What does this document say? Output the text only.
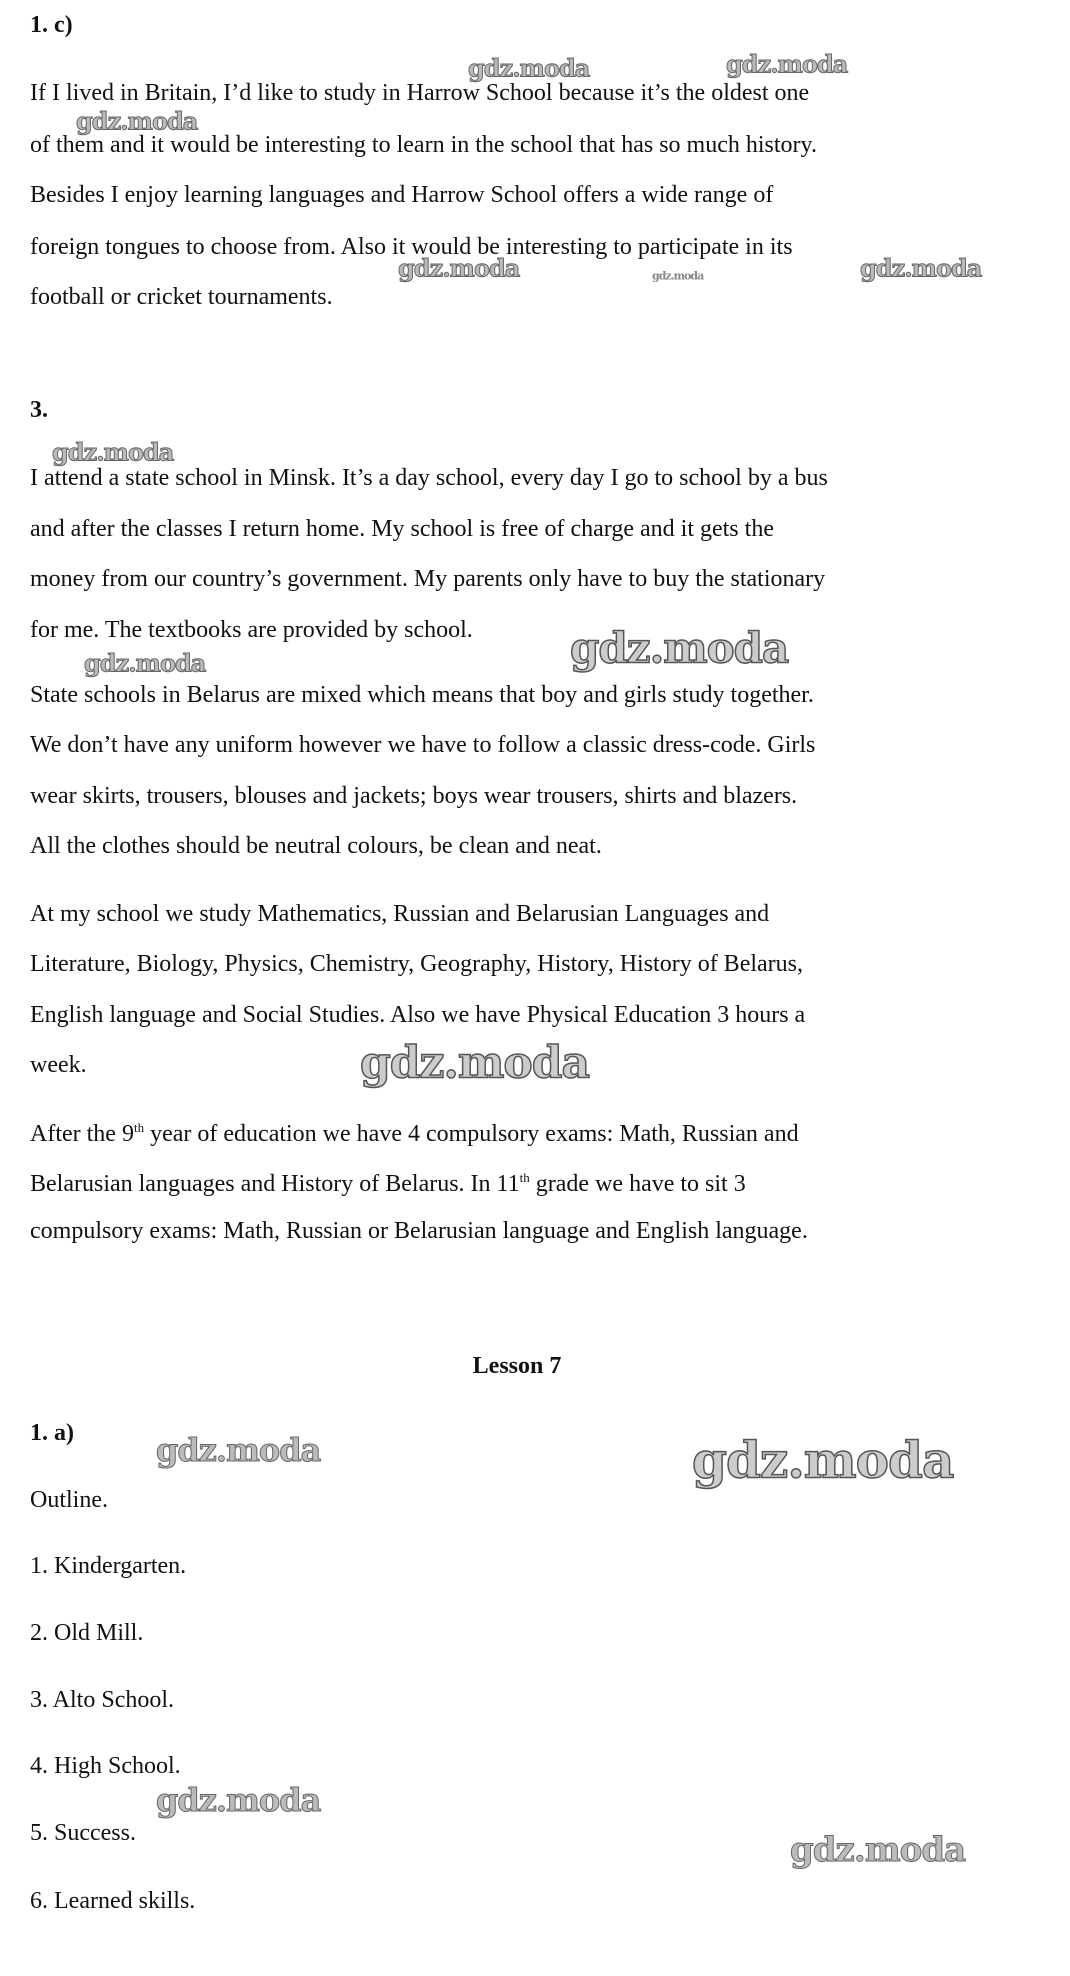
1. c)
If I lived in Britain, I’d like to study in Harrow School because it’s the oldest one
of them and it would be interesting to learn in the school that has so much history.
Besides I enjoy learning languages and Harrow School offers a wide range of
foreign tongues to choose from. Also it would be interesting to participate in its
football or cricket tournaments.
3.
I attend a state school in Minsk. It’s a day school, every day I go to school by a bus
and after the classes I return home. My school is free of charge and it gets the
money from our country’s government. My parents only have to buy the stationary
for me. The textbooks are provided by school.
State schools in Belarus are mixed which means that boy and girls study together.
We don’t have any uniform however we have to follow a classic dress-code. Girls
wear skirts, trousers, blouses and jackets; boys wear trousers, shirts and blazers.
All the clothes should be neutral colours, be clean and neat.
At my school we study Mathematics, Russian and Belarusian Languages and
Literature, Biology, Physics, Chemistry, Geography, History, History of Belarus,
English language and Social Studies. Also we have Physical Education 3 hours a
week.
After the 9th year of education we have 4 compulsory exams: Math, Russian and
Belarusian languages and History of Belarus. In 11th grade we have to sit 3
compulsory exams: Math, Russian or Belarusian language and English language.
Lesson 7
1. a)
Outline.
1. Kindergarten.
2. Old Mill.
3. Alto School.
4. High School.
5. Success.
6. Learned skills.
gdz.moda	gdz.moda
gdz.moda
gdz.moda	gdz.moda	gdz.moda
gdz.moda
gdz.moda
gdz.moda
gdz.moda
gdz.moda	gdz.moda
gdz.moda
gdz.moda
